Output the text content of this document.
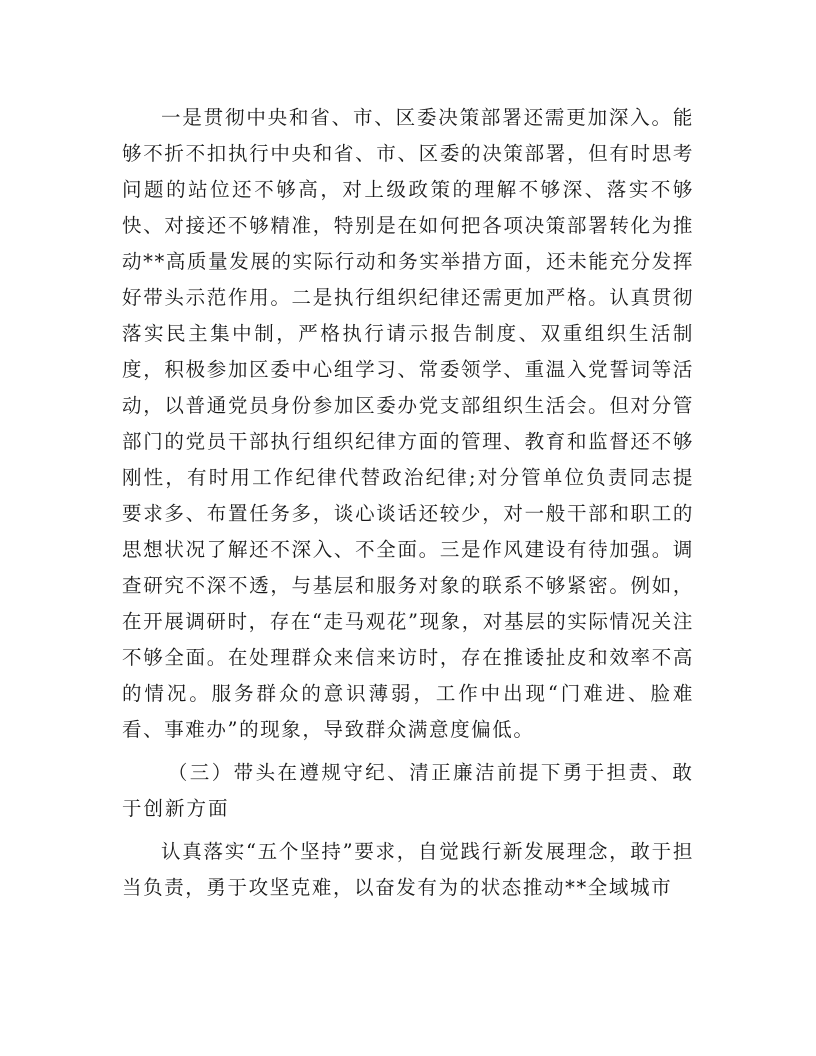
一是贯彻中央和省、市、区委决策部署还需更加深入。能够不折不扣执行中央和省、市、区委的决策部署，但有时思考问题的站位还不够高，对上级政策的理解不够深、落实不够快、对接还不够精准，特别是在如何把各项决策部署转化为推动**高质量发展的实际行动和务实举措方面，还未能充分发挥好带头示范作用。二是执行组织纪律还需更加严格。认真贯彻落实民主集中制，严格执行请示报告制度、双重组织生活制度，积极参加区委中心组学习、常委领学、重温入党誓词等活动，以普通党员身份参加区委办党支部组织生活会。但对分管部门的党员干部执行组织纪律方面的管理、教育和监督还不够刚性，有时用工作纪律代替政治纪律;对分管单位负责同志提要求多、布置任务多，谈心谈话还较少，对一般干部和职工的思想状况了解还不深入、不全面。三是作风建设有待加强。调查研究不深不透，与基层和服务对象的联系不够紧密。例如，在开展调研时，存在“走马观花”现象，对基层的实际情况关注不够全面。在处理群众来信来访时，存在推诿扯皮和效率不高的情况。服务群众的意识薄弱，工作中出现“门难进、脸难看、事难办”的现象，导致群众满意度偏低。

（三）带头在遵规守纪、清正廉洁前提下勇于担责、敢于创新方面

认真落实“五个坚持”要求，自觉践行新发展理念，敢于担当负责，勇于攻坚克难，以奋发有为的状态推动**全域城市
